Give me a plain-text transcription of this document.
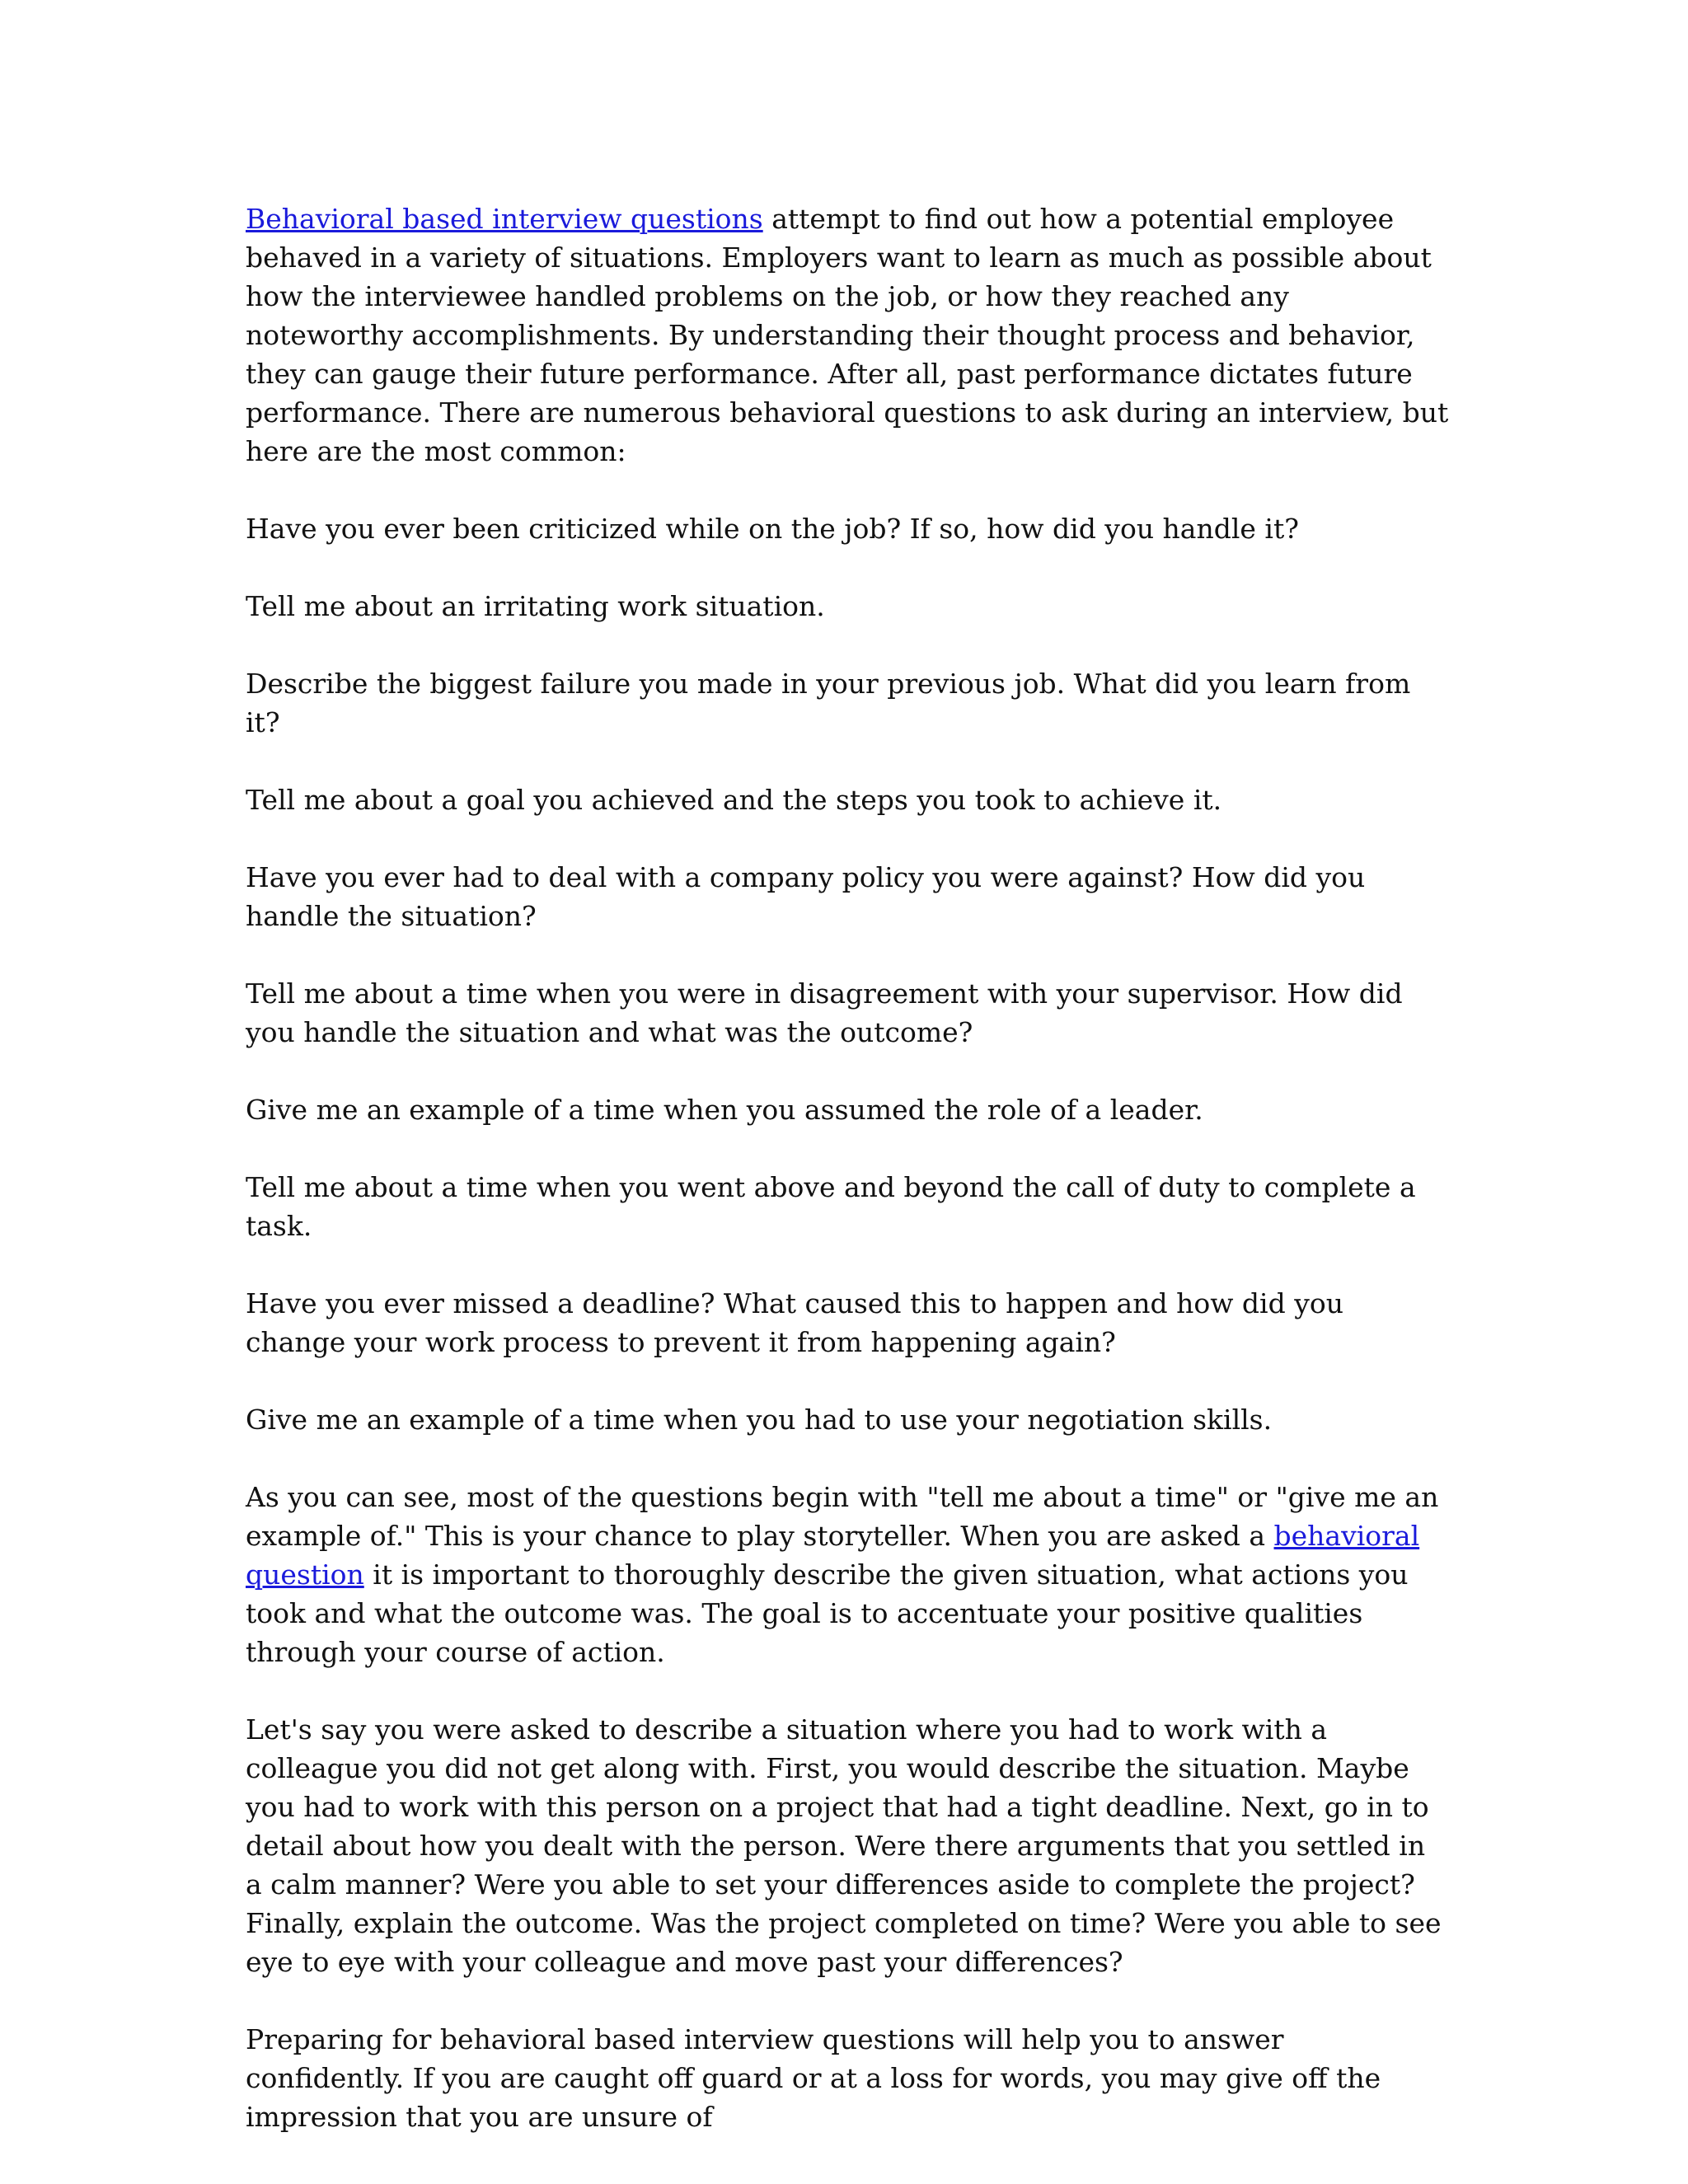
Behavioral based interview questions attempt to find out how a potential employee behaved in a variety of situations. Employers want to learn as much as possible about how the interviewee handled problems on the job, or how they reached any noteworthy accomplishments. By understanding their thought process and behavior, they can gauge their future performance. After all, past performance dictates future performance. There are numerous behavioral questions to ask during an interview, but here are the most common:

Have you ever been criticized while on the job? If so, how did you handle it?

Tell me about an irritating work situation.

Describe the biggest failure you made in your previous job. What did you learn from it?

Tell me about a goal you achieved and the steps you took to achieve it.

Have you ever had to deal with a company policy you were against? How did you handle the situation?

Tell me about a time when you were in disagreement with your supervisor. How did you handle the situation and what was the outcome?

Give me an example of a time when you assumed the role of a leader.

Tell me about a time when you went above and beyond the call of duty to complete a task.

Have you ever missed a deadline? What caused this to happen and how did you change your work process to prevent it from happening again?

Give me an example of a time when you had to use your negotiation skills.

As you can see, most of the questions begin with "tell me about a time" or "give me an example of." This is your chance to play storyteller. When you are asked a behavioral question it is important to thoroughly describe the given situation, what actions you took and what the outcome was. The goal is to accentuate your positive qualities through your course of action.

Let's say you were asked to describe a situation where you had to work with a colleague you did not get along with. First, you would describe the situation. Maybe you had to work with this person on a project that had a tight deadline. Next, go in to detail about how you dealt with the person. Were there arguments that you settled in a calm manner? Were you able to set your differences aside to complete the project? Finally, explain the outcome. Was the project completed on time? Were you able to see eye to eye with your colleague and move past your differences?

Preparing for behavioral based interview questions will help you to answer confidently. If you are caught off guard or at a loss for words, you may give off the impression that you are unsure of
